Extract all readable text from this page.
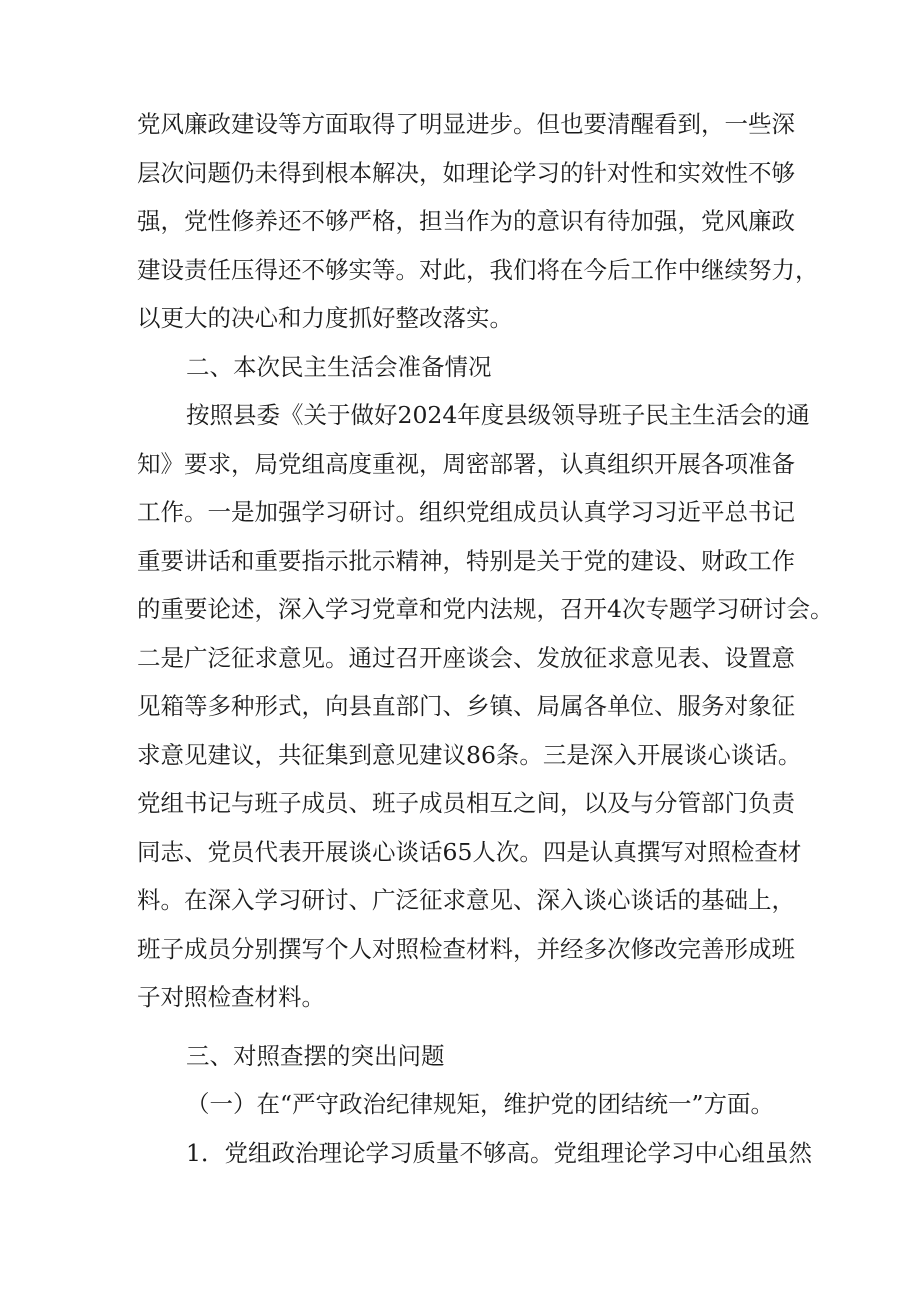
党风廉政建设等方面取得了明显进步。但也要清醒看到，一些深
层次问题仍未得到根本解决，如理论学习的针对性和实效性不够
强，党性修养还不够严格，担当作为的意识有待加强，党风廉政
建设责任压得还不够实等。对此，我们将在今后工作中继续努力，
以更大的决心和力度抓好整改落实。
二、本次民主生活会准备情况
按照县委《关于做好2024年度县级领导班子民主生活会的通
知》要求，局党组高度重视，周密部署，认真组织开展各项准备
工作。一是加强学习研讨。组织党组成员认真学习习近平总书记
重要讲话和重要指示批示精神，特别是关于党的建设、财政工作
的重要论述，深入学习党章和党内法规，召开4次专题学习研讨会。
二是广泛征求意见。通过召开座谈会、发放征求意见表、设置意
见箱等多种形式，向县直部门、乡镇、局属各单位、服务对象征
求意见建议，共征集到意见建议86条。三是深入开展谈心谈话。
党组书记与班子成员、班子成员相互之间，以及与分管部门负责
同志、党员代表开展谈心谈话65人次。四是认真撰写对照检查材
料。在深入学习研讨、广泛征求意见、深入谈心谈话的基础上，
班子成员分别撰写个人对照检查材料，并经多次修改完善形成班
子对照检查材料。
三、对照查摆的突出问题
（一）在“严守政治纪律规矩，维护党的团结统一”方面。
1．党组政治理论学习质量不够高。党组理论学习中心组虽然
